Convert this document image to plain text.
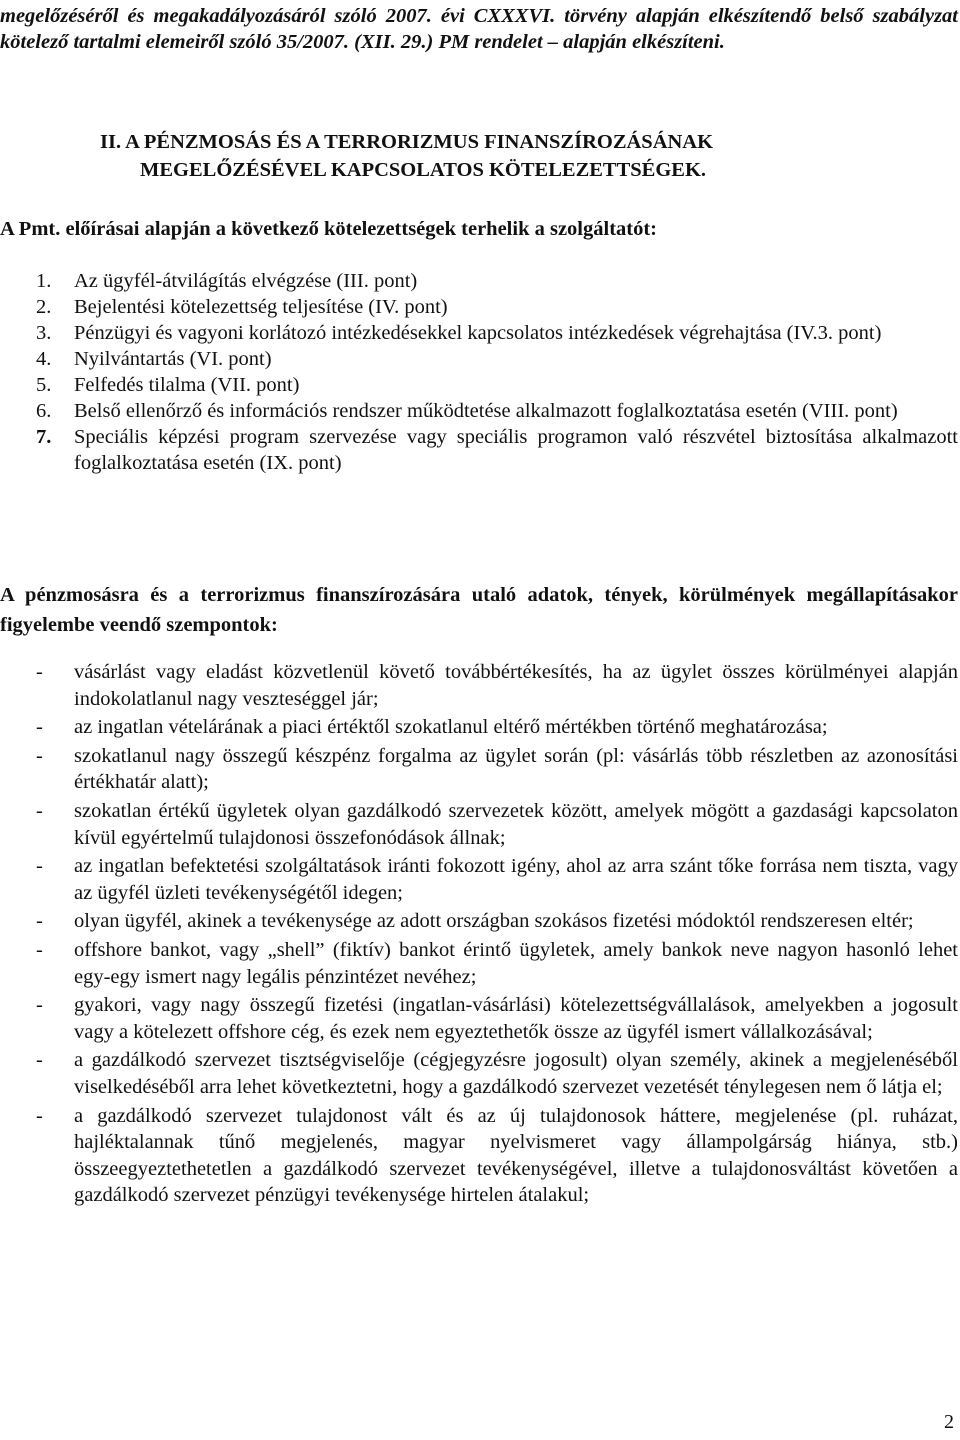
megelőzéséről és megakadályozásáról szóló 2007. évi CXXXVI. törvény alapján elkészítendő belső szabályzat kötelező tartalmi elemeiről szóló 35/2007. (XII. 29.) PM rendelet – alapján elkészíteni.

II. A PÉNZMOSÁS ÉS A TERRORIZMUS FINANSZÍROZÁSÁNAK
MEGELŐZÉSÉVEL KAPCSOLATOS KÖTELEZETTSÉGEK.

A Pmt. előírásai alapján a következő kötelezettségek terhelik a szolgáltatót:

1. Az ügyfél-átvilágítás elvégzése (III. pont)
2. Bejelentési kötelezettség teljesítése (IV. pont)
3. Pénzügyi és vagyoni korlátozó intézkedésekkel kapcsolatos intézkedések végrehajtása (IV.3. pont)
4. Nyilvántartás (VI. pont)
5. Felfedés tilalma (VII. pont)
6. Belső ellenőrző és információs rendszer működtetése alkalmazott foglalkoztatása esetén (VIII. pont)
7. Speciális képzési program szervezése vagy speciális programon való részvétel biztosítása alkalmazott foglalkoztatása esetén (IX. pont)

A pénzmosásra és a terrorizmus finanszírozására utaló adatok, tények, körülmények megállapításakor figyelembe veendő szempontok:

- vásárlást vagy eladást közvetlenül követő továbbértékesítés, ha az ügylet összes körülményei alapján indokolatlanul nagy veszteséggel jár;
- az ingatlan vételárának a piaci értéktől szokatlanul eltérő mértékben történő meghatározása;
- szokatlanul nagy összegű készpénz forgalma az ügylet során (pl: vásárlás több részletben az azonosítási értékhatár alatt);
- szokatlan értékű ügyletek olyan gazdálkodó szervezetek között, amelyek mögött a gazdasági kapcsolaton kívül egyértelmű tulajdonosi összefonódások állnak;
- az ingatlan befektetési szolgáltatások iránti fokozott igény, ahol az arra szánt tőke forrása nem tiszta, vagy az ügyfél üzleti tevékenységétől idegen;
- olyan ügyfél, akinek a tevékenysége az adott országban szokásos fizetési módoktól rendszeresen eltér;
- offshore bankot, vagy „shell” (fiktív) bankot érintő ügyletek, amely bankok neve nagyon hasonló lehet egy-egy ismert nagy legális pénzintézet nevéhez;
- gyakori, vagy nagy összegű fizetési (ingatlan-vásárlási) kötelezettségvállalások, amelyekben a jogosult vagy a kötelezett offshore cég, és ezek nem egyeztethetők össze az ügyfél ismert vállalkozásával;
- a gazdálkodó szervezet tisztségviselője (cégjegyzésre jogosult) olyan személy, akinek a megjelenéséből viselkedéséből arra lehet következtetni, hogy a gazdálkodó szervezet vezetését ténylegesen nem ő látja el;
- a gazdálkodó szervezet tulajdonost vált és az új tulajdonosok háttere, megjelenése (pl. ruházat, hajléktalannak tűnő megjelenés, magyar nyelvismeret vagy állampolgárság hiánya, stb.) összeegyeztethetetlen a gazdálkodó szervezet tevékenységével, illetve a tulajdonosváltást követően a gazdálkodó szervezet pénzügyi tevékenysége hirtelen átalakul;
2
